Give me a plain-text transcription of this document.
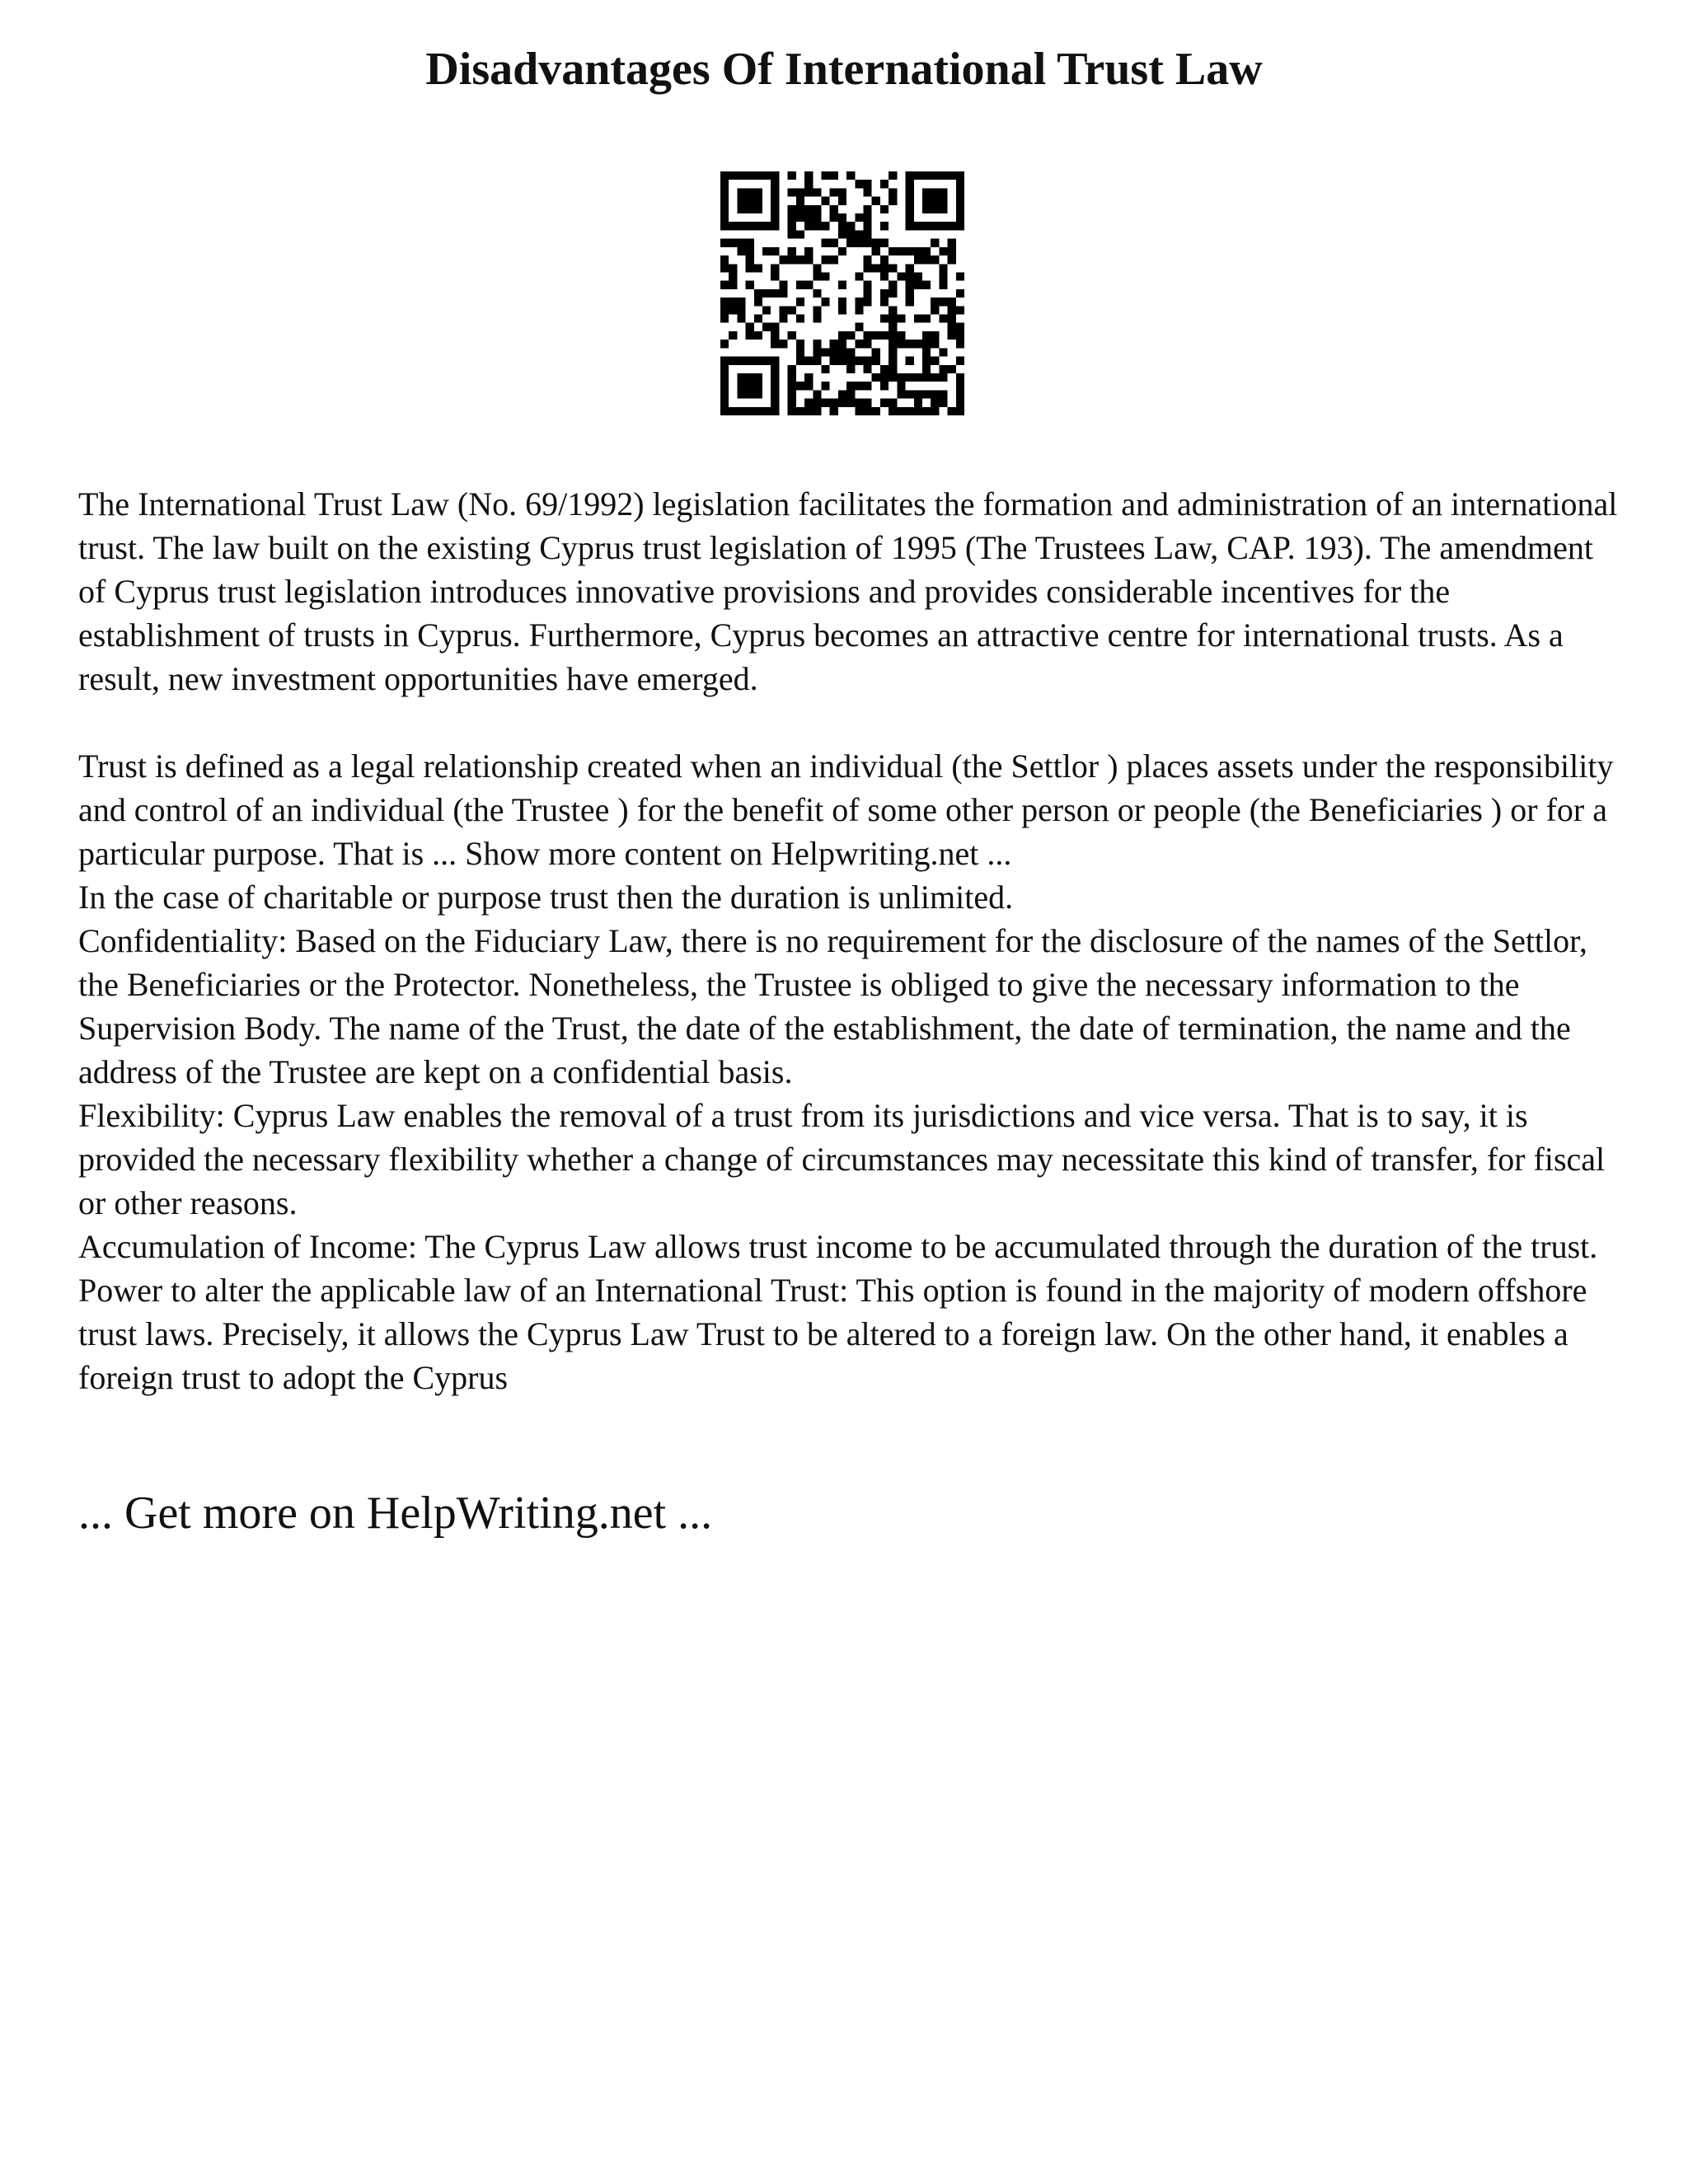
Disadvantages Of International Trust Law

The International Trust Law (No. 69/1992) legislation facilitates the formation and administration of an international trust. The law built on the existing Cyprus trust legislation of 1995 (The Trustees Law, CAP. 193). The amendment of Cyprus trust legislation introduces innovative provisions and provides considerable incentives for the establishment of trusts in Cyprus. Furthermore, Cyprus becomes an attractive centre for international trusts. As a result, new investment opportunities have emerged.

Trust is defined as a legal relationship created when an individual (the Settlor ) places assets under the responsibility and control of an individual (the Trustee ) for the benefit of some other person or people (the Beneficiaries ) or for a particular purpose. That is ... Show more content on Helpwriting.net ...

In the case of charitable or purpose trust then the duration is unlimited.

Confidentiality: Based on the Fiduciary Law, there is no requirement for the disclosure of the names of the Settlor, the Beneficiaries or the Protector. Nonetheless, the Trustee is obliged to give the necessary information to the Supervision Body. The name of the Trust, the date of the establishment, the date of termination, the name and the address of the Trustee are kept on a confidential basis.

Flexibility: Cyprus Law enables the removal of a trust from its jurisdictions and vice versa. That is to say, it is provided the necessary flexibility whether a change of circumstances may necessitate this kind of transfer, for fiscal or other reasons.

Accumulation of Income: The Cyprus Law allows trust income to be accumulated through the duration of the trust.

Power to alter the applicable law of an International Trust: This option is found in the majority of modern offshore trust laws. Precisely, it allows the Cyprus Law Trust to be altered to a foreign law. On the other hand, it enables a foreign trust to adopt the Cyprus

... Get more on HelpWriting.net ...
